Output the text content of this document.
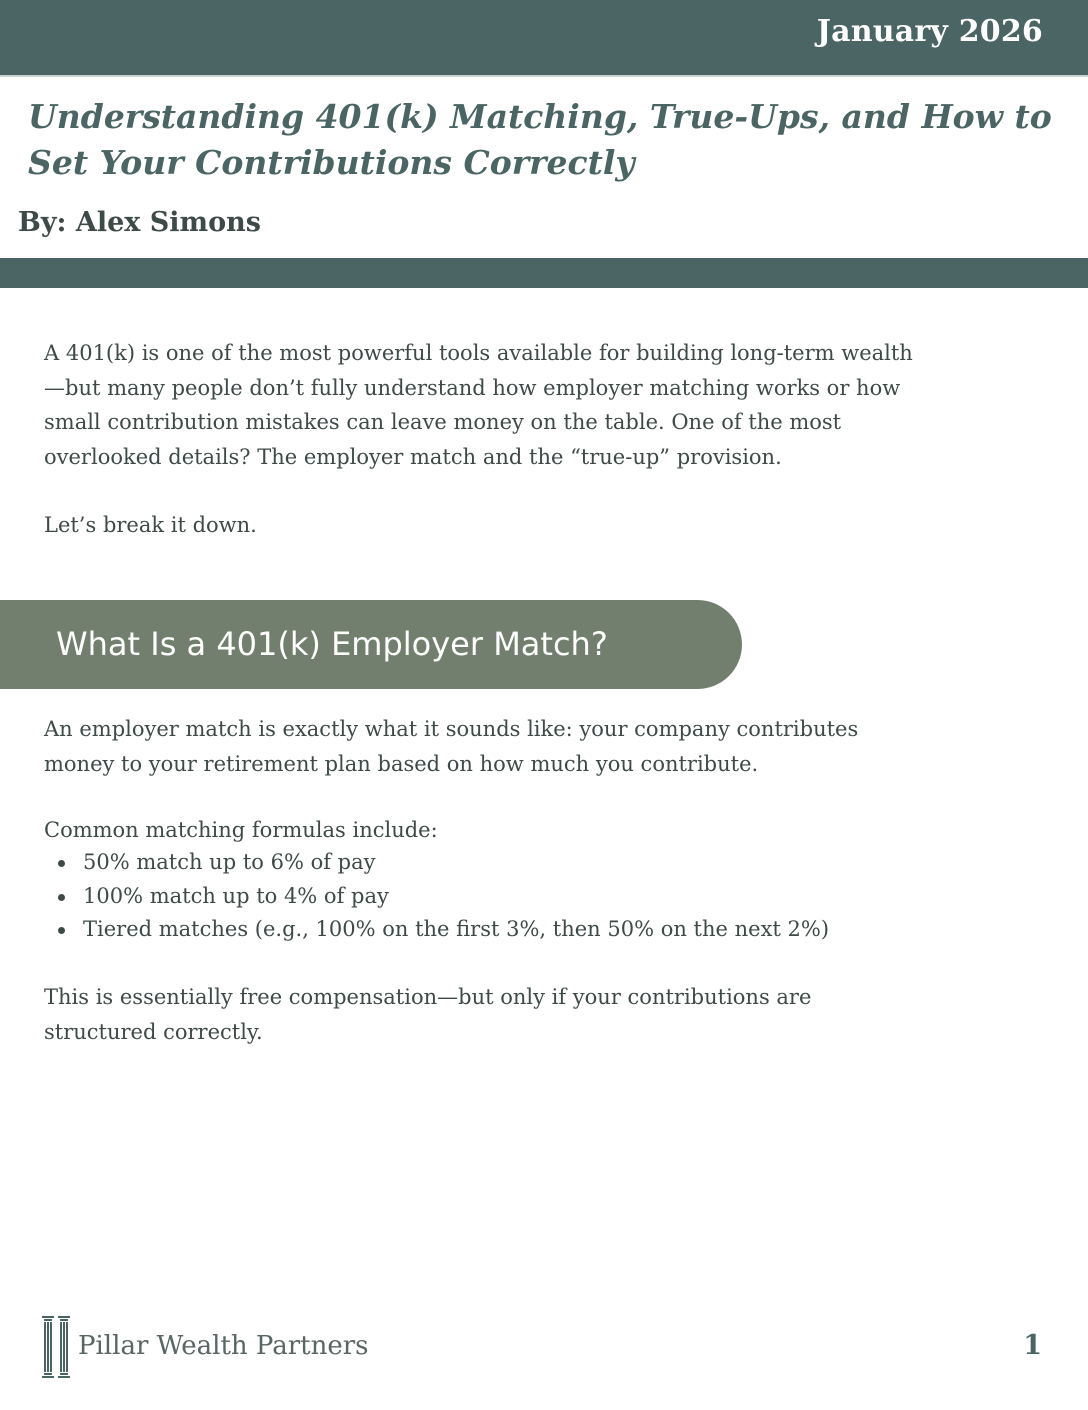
January 2026
Understanding 401(k) Matching, True-Ups, and How to Set Your Contributions Correctly
By: Alex Simons

A 401(k) is one of the most powerful tools available for building long-term wealth—but many people don’t fully understand how employer matching works or how small contribution mistakes can leave money on the table. One of the most overlooked details? The employer match and the “true-up” provision.

Let’s break it down.

What Is a 401(k) Employer Match?

An employer match is exactly what it sounds like: your company contributes money to your retirement plan based on how much you contribute.

Common matching formulas include:

50% match up to 6% of pay
100% match up to 4% of pay
Tiered matches (e.g., 100% on the first 3%, then 50% on the next 2%)

This is essentially free compensation—but only if your contributions are structured correctly.

Pillar Wealth Partners	1
